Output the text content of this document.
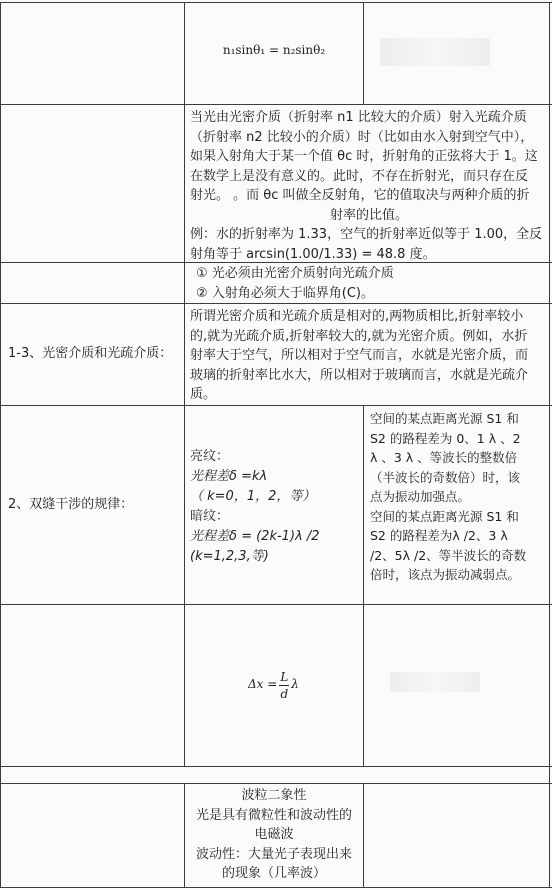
n₁sinθ₁ = n₂sinθ₂
当光由光密介质（折射率 n1 比较大的介质）射入光疏介质
（折射率 n2 比较小的介质）时（比如由水入射到空气中），
如果入射角大于某一个值 θc 时，折射角的正弦将大于 1。这
在数学上是没有意义的。此时，不存在折射光，而只存在反
射光。 。而 θc 叫做全反射角，它的值取决与两种介质的折
射率的比值。
例：水的折射率为 1.33，空气的折射率近似等于 1.00，全反
射角等于 arcsin(1.00/1.33) = 48.8 度。
① 光必须由光密介质射向光疏介质
② 入射角必须大于临界角(C)。
1-3、光密介质和光疏介质：
所谓光密介质和光疏介质是相对的,两物质相比,折射率较小
的,就为光疏介质,折射率较大的,就为光密介质。例如，水折
射率大于空气，所以相对于空气而言，水就是光密介质，而
玻璃的折射率比水大，所以相对于玻璃而言，水就是光疏介
质。
2、双缝干涉的规律：
亮纹：
光程差δ =kλ
（ k=0，1，2，等）
暗纹：
光程差δ = (2k-1)λ /2
(k=1,2,3,等)
空间的某点距离光源 S1 和
S2 的路程差为 0、1 λ 、2
λ 、3 λ 、等波长的整数倍
（半波长的奇数倍）时，该
点为振动加强点。
空间的某点距离光源 S1 和
S2 的路程差为λ /2、3 λ
/2、5λ /2、等半波长的奇数
倍时，该点为振动减弱点。
$\Delta x = \frac{L}{d}$ λ
波粒二象性
光是具有微粒性和波动性的
电磁波
波动性：大量光子表现出来
的现象（几率波）
